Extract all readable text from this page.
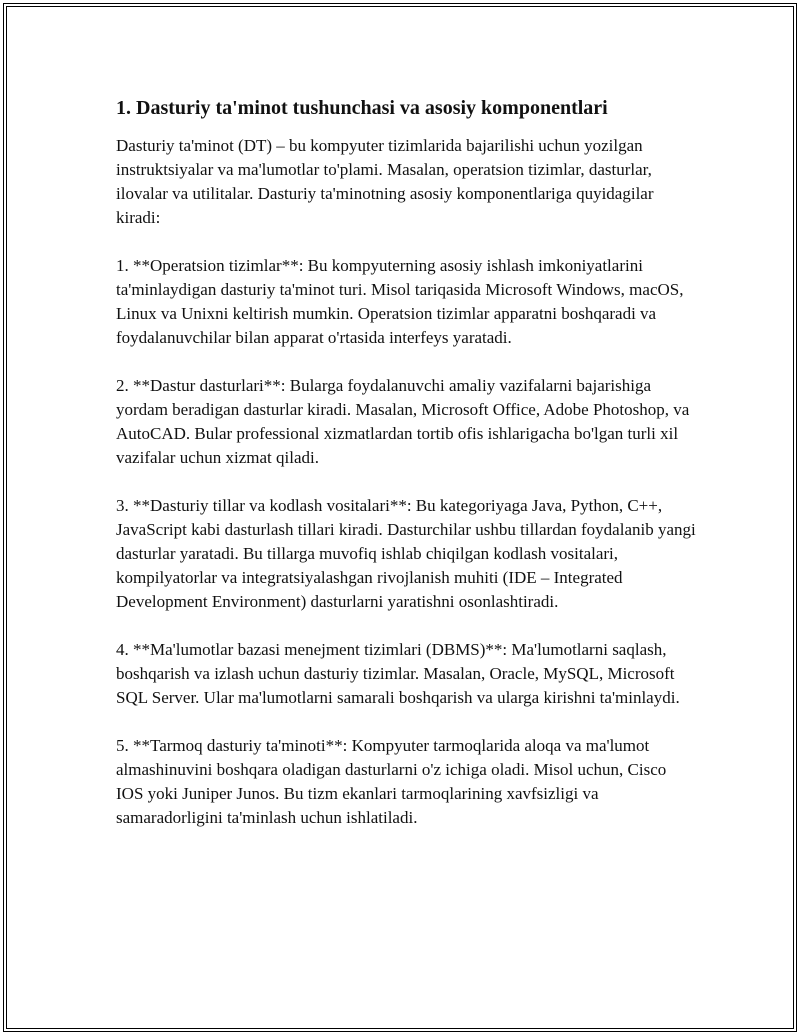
1. Dasturiy ta'minot tushunchasi va asosiy komponentlari

Dasturiy ta'minot (DT) – bu kompyuter tizimlarida bajarilishi uchun yozilgan instruktsiyalar va ma'lumotlar to'plami. Masalan, operatsion tizimlar, dasturlar, ilovalar va utilitalar. Dasturiy ta'minotning asosiy komponentlariga quyidagilar kiradi:

1. **Operatsion tizimlar**: Bu kompyuterning asosiy ishlash imkoniyatlarini ta'minlaydigan dasturiy ta'minot turi. Misol tariqasida Microsoft Windows, macOS, Linux va Unixni keltirish mumkin. Operatsion tizimlar apparatni boshqaradi va foydalanuvchilar bilan apparat o'rtasida interfeys yaratadi.

2. **Dastur dasturlari**: Bularga foydalanuvchi amaliy vazifalarni bajarishiga yordam beradigan dasturlar kiradi. Masalan, Microsoft Office, Adobe Photoshop, va AutoCAD. Bular professional xizmatlardan tortib ofis ishlarigacha bo'lgan turli xil vazifalar uchun xizmat qiladi.

3. **Dasturiy tillar va kodlash vositalari**: Bu kategoriyaga Java, Python, C++, JavaScript kabi dasturlash tillari kiradi. Dasturchilar ushbu tillardan foydalanib yangi dasturlar yaratadi. Bu tillarga muvofiq ishlab chiqilgan kodlash vositalari, kompilyatorlar va integratsiyalashgan rivojlanish muhiti (IDE – Integrated Development Environment) dasturlarni yaratishni osonlashtiradi.

4. **Ma'lumotlar bazasi menejment tizimlari (DBMS)**: Ma'lumotlarni saqlash, boshqarish va izlash uchun dasturiy tizimlar. Masalan, Oracle, MySQL, Microsoft SQL Server. Ular ma'lumotlarni samarali boshqarish va ularga kirishni ta'minlaydi.

5. **Tarmoq dasturiy ta'minoti**: Kompyuter tarmoqlarida aloqa va ma'lumot almashinuvini boshqara oladigan dasturlarni o'z ichiga oladi. Misol uchun, Cisco IOS yoki Juniper Junos. Bu tizm ekanlari tarmoqlarining xavfsizligi va samaradorligini ta'minlash uchun ishlatiladi.
